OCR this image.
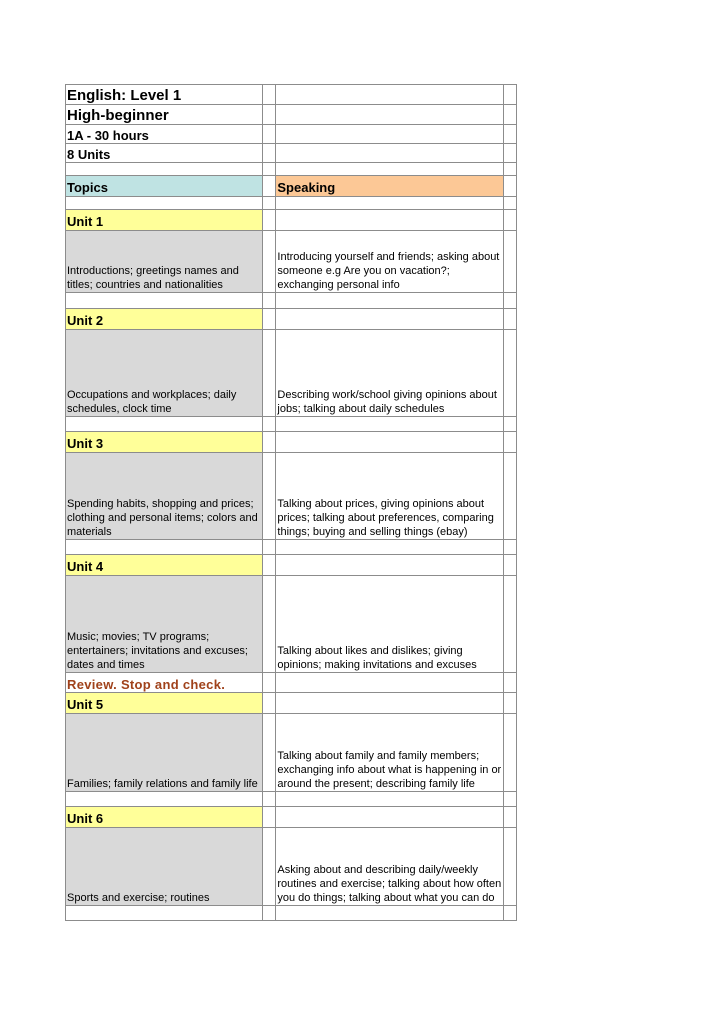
English: Level 1			
High-beginner			
1A - 30 hours			
8 Units			

Topics		Speaking	

Unit 1			
Introductions; greetings names and titles; countries and nationalities		Introducing yourself and friends; asking about someone e.g Are you on vacation?; exchanging personal info	

Unit 2			
Occupations and workplaces; daily schedules, clock time		Describing work/school giving opinions about jobs; talking about daily schedules	

Unit 3			
Spending habits, shopping and prices; clothing and personal items; colors and materials		Talking about prices, giving opinions about prices; talking about preferences, comparing things; buying and selling things (ebay)	

Unit 4			
Music; movies; TV programs; entertainers; invitations and excuses; dates and times		Talking about likes and dislikes; giving opinions; making invitations and excuses	
Review. Stop and check.			
Unit 5			
Families; family relations and family life		Talking about family and family members; exchanging info about what is happening in or around the present; describing family life	

Unit 6			
Sports and exercise; routines		Asking about and describing daily/weekly routines and exercise; talking about how often you do things; talking about what you can do	
